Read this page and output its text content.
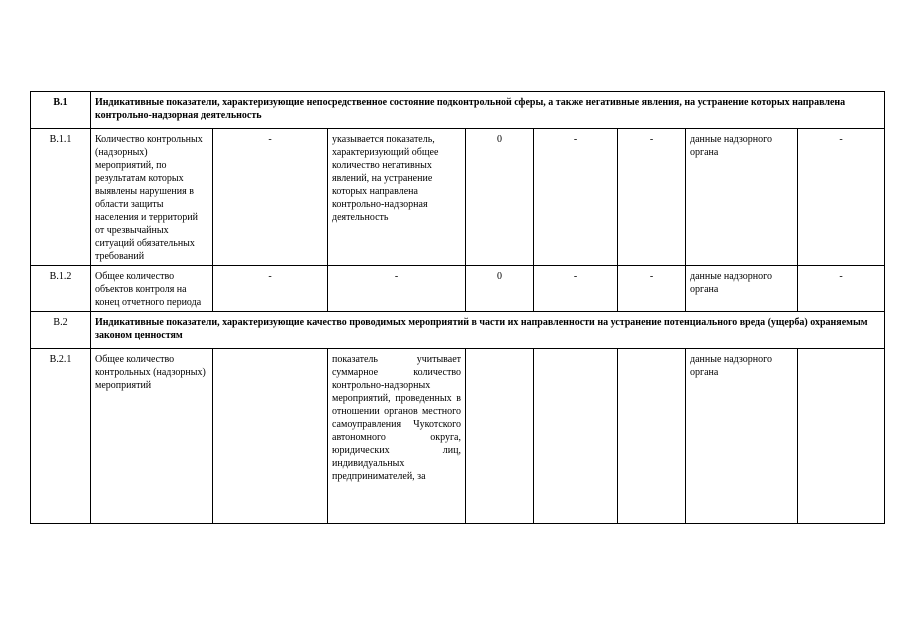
В.1	Индикативные показатели, характеризующие непосредственное состояние подконтрольной сферы, а также негативные явления, на устранение которых направлена контрольно-надзорная деятельность							
В.1.1	Количество контрольных (надзорных) мероприятий, по результатам которых выявлены нарушения в области защиты населения и территорий от чрезвычайных ситуаций обязательных требований	-	указывается показатель, характеризующий общее количество негативных явлений, на устранение которых направлена контрольно-надзорная деятельность	0	-	-	данные надзорного органа	-
В.1.2	Общее количество объектов контроля на конец отчетного периода	-	-	0	-	-	данные надзорного органа	-
В.2	Индикативные показатели, характеризующие качество проводимых мероприятий в части их направленности на устранение потенциального вреда (ущерба) охраняемым законом ценностям							
В.2.1	Общее количество контрольных (надзорных) мероприятий		показатель учитывает суммарное количество контрольно-надзорных мероприятий, проведенных в отношении органов местного самоуправления Чукотского автономного округа, юридических лиц, индивидуальных предпринимателей, за				данные надзорного органа	
